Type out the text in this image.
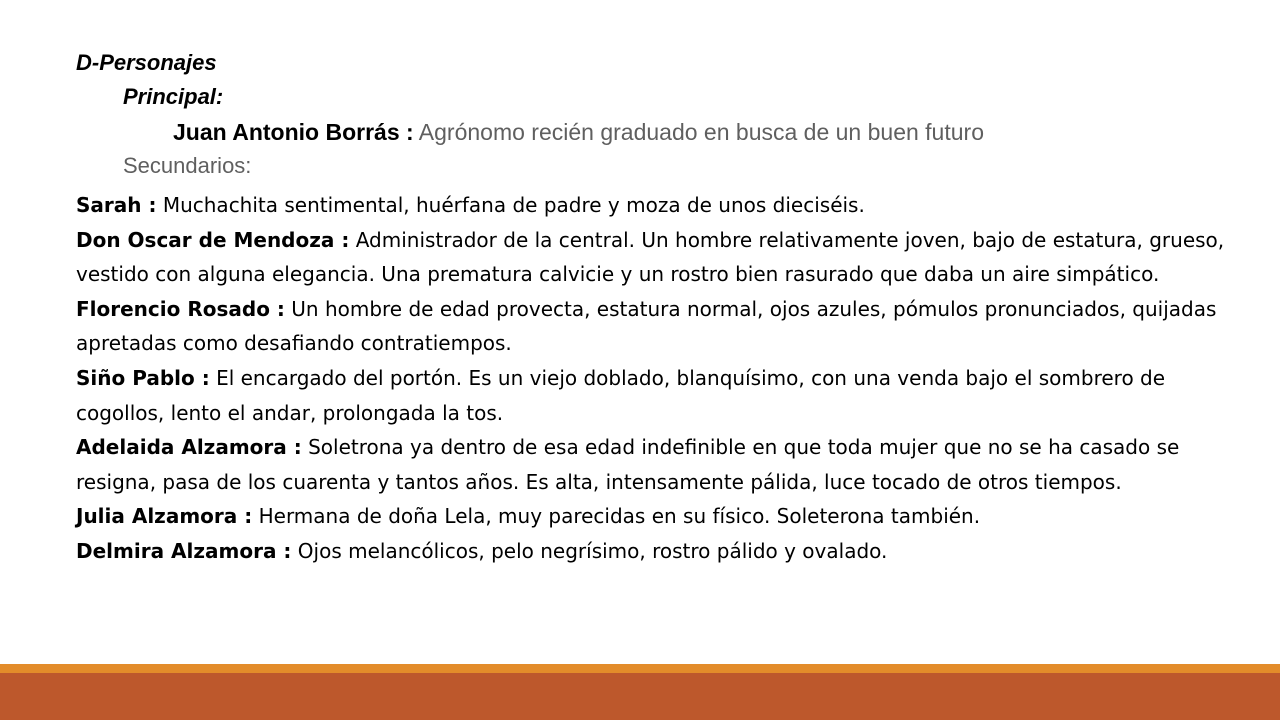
D-Personajes
Principal:
Juan Antonio Borrás : Agrónomo recién graduado en busca de un buen futuro
Secundarios:

Sarah : Muchachita sentimental, huérfana de padre y moza de unos dieciséis.

Don Oscar de Mendoza : Administrador de la central. Un hombre relativamente joven, bajo de estatura, grueso, vestido con alguna elegancia. Una prematura calvicie y un rostro bien rasurado que daba un aire simpático.

Florencio Rosado : Un hombre de edad provecta, estatura normal, ojos azules, pómulos pronunciados, quijadas apretadas como desafiando contratiempos.

Siño Pablo : El encargado del portón. Es un viejo doblado, blanquísimo, con una venda bajo el sombrero de cogollos, lento el andar, prolongada la tos.

Adelaida Alzamora : Soletrona ya dentro de esa edad indefinible en que toda mujer que no se ha casado se resigna, pasa de los cuarenta y tantos años. Es alta, intensamente pálida, luce tocado de otros tiempos.

Julia Alzamora : Hermana de doña Lela, muy parecidas en su físico. Soleterona también.

Delmira Alzamora : Ojos melancólicos, pelo negrísimo, rostro pálido y ovalado.
